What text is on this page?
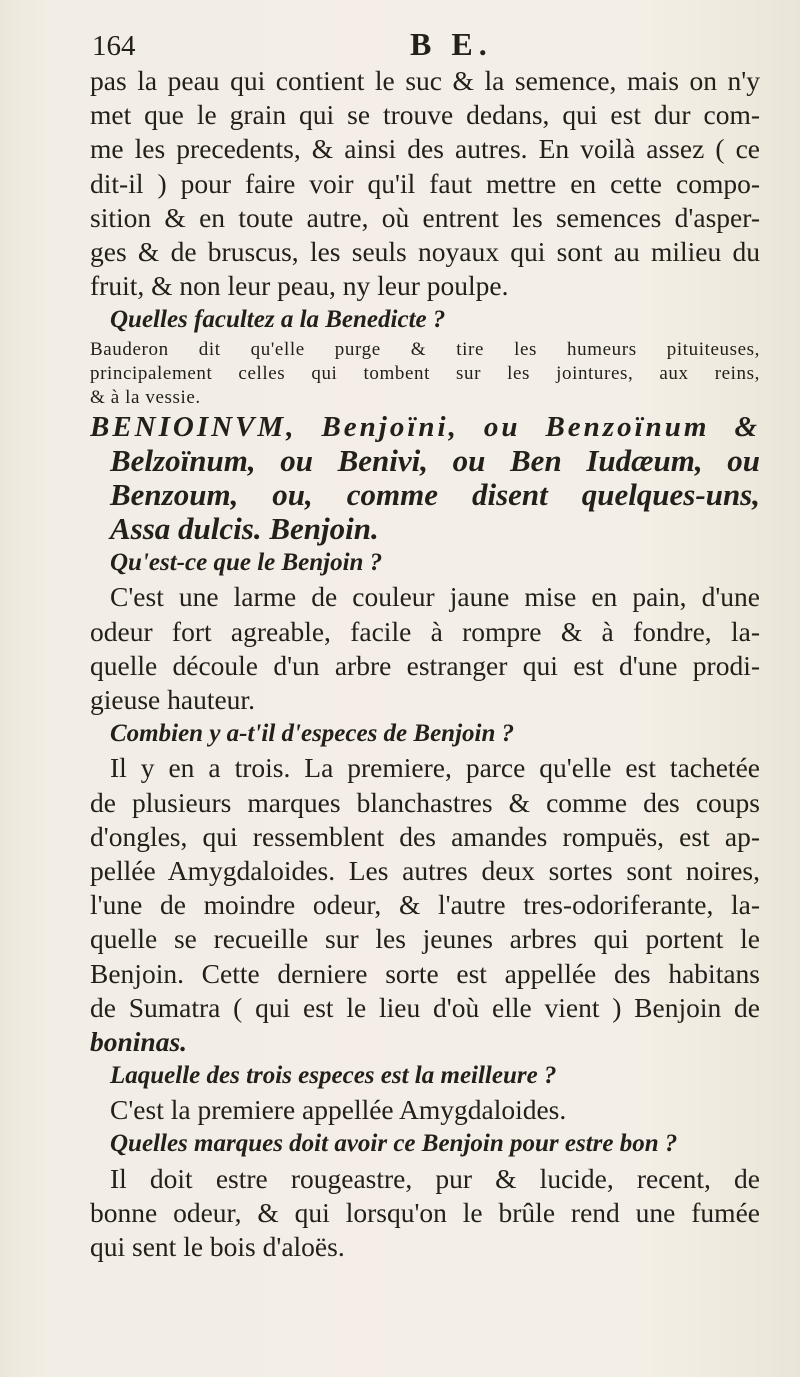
164	B E.
pas la peau qui contient le suc & la semence, mais on n'y
met que le grain qui se trouve dedans, qui est dur com-
me les precedents, & ainsi des autres. En voilà assez ( ce
dit-il ) pour faire voir qu'il faut mettre en cette compo-
sition & en toute autre, où entrent les semences d'asper-
ges & de bruscus, les seuls noyaux qui sont au milieu du
fruit, & non leur peau, ny leur poulpe.
Quelles facultez a la Benedicte ?
Bauderon dit qu'elle purge & tire les humeurs pituiteuses,
principalement celles qui tombent sur les jointures, aux reins,
& à la vessie.
BENIOINVM, Benjoïni, ou Benzoïnum &
Belzoïnum, ou Benivi, ou Ben Iudæum, ou
Benzoum, ou, comme disent quelques-uns,
Assa dulcis. Benjoin.
Qu'est-ce que le Benjoin ?
C'est une larme de couleur jaune mise en pain, d'une
odeur fort agreable, facile à rompre & à fondre, la-
quelle découle d'un arbre estranger qui est d'une prodi-
gieuse hauteur.
Combien y a-t'il d'especes de Benjoin ?
Il y en a trois. La premiere, parce qu'elle est tachetée
de plusieurs marques blanchastres & comme des coups
d'ongles, qui ressemblent des amandes rompuës, est ap-
pellée Amygdaloides. Les autres deux sortes sont noires,
l'une de moindre odeur, & l'autre tres-odoriferante, la-
quelle se recueille sur les jeunes arbres qui portent le
Benjoin. Cette derniere sorte est appellée des habitans
de Sumatra ( qui est le lieu d'où elle vient ) Benjoin de
boninas.
Laquelle des trois especes est la meilleure ?
C'est la premiere appellée Amygdaloides.
Quelles marques doit avoir ce Benjoin pour estre bon ?
Il doit estre rougeastre, pur & lucide, recent, de
bonne odeur, & qui lorsqu'on le brûle rend une fumée
qui sent le bois d'aloës.
